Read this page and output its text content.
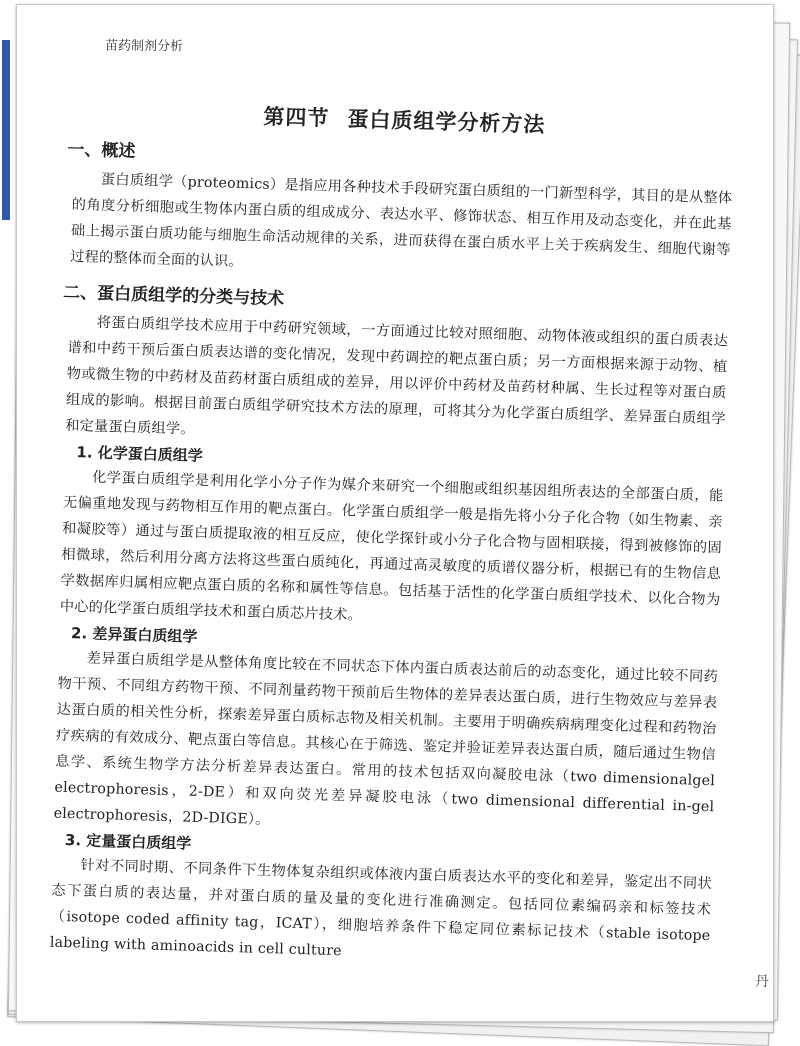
苗药制剂分析
第四节 蛋白质组学分析方法
一、概述

蛋白质组学（proteomics）是指应用各种技术手段研究蛋白质组的一门新型科学，其目的是从整体的角度分析细胞或生物体内蛋白质的组成成分、表达水平、修饰状态、相互作用及动态变化，并在此基础上揭示蛋白质功能与细胞生命活动规律的关系，进而获得在蛋白质水平上关于疾病发生、细胞代谢等过程的整体而全面的认识。

二、蛋白质组学的分类与技术

将蛋白质组学技术应用于中药研究领域，一方面通过比较对照细胞、动物体液或组织的蛋白质表达谱和中药干预后蛋白质表达谱的变化情况，发现中药调控的靶点蛋白质；另一方面根据来源于动物、植物或微生物的中药材及苗药材蛋白质组成的差异，用以评价中药材及苗药材种属、生长过程等对蛋白质组成的影响。根据目前蛋白质组学研究技术方法的原理，可将其分为化学蛋白质组学、差异蛋白质组学和定量蛋白质组学。

1. 化学蛋白质组学

化学蛋白质组学是利用化学小分子作为媒介来研究一个细胞或组织基因组所表达的全部蛋白质，能无偏重地发现与药物相互作用的靶点蛋白。化学蛋白质组学一般是指先将小分子化合物（如生物素、亲和凝胶等）通过与蛋白质提取液的相互反应，使化学探针或小分子化合物与固相联接，得到被修饰的固相微球，然后利用分离方法将这些蛋白质纯化，再通过高灵敏度的质谱仪器分析，根据已有的生物信息学数据库归属相应靶点蛋白质的名称和属性等信息。包括基于活性的化学蛋白质组学技术、以化合物为中心的化学蛋白质组学技术和蛋白质芯片技术。

2. 差异蛋白质组学

差异蛋白质组学是从整体角度比较在不同状态下体内蛋白质表达前后的动态变化，通过比较不同药物干预、不同组方药物干预、不同剂量药物干预前后生物体的差异表达蛋白质，进行生物效应与差异表达蛋白质的相关性分析，探索差异蛋白质标志物及相关机制。主要用于明确疾病病理变化过程和药物治疗疾病的有效成分、靶点蛋白等信息。其核心在于筛选、鉴定并验证差异表达蛋白质，随后通过生物信息学、系统生物学方法分析差异表达蛋白。常用的技术包括双向凝胶电泳（two dimensionalgel electrophoresis，2-DE）和双向荧光差异凝胶电泳（two dimensional differential in-gel electrophoresis，2D-DIGE）。

3. 定量蛋白质组学

针对不同时期、不同条件下生物体复杂组织或体液内蛋白质表达水平的变化和差异，鉴定出不同状态下蛋白质的表达量，并对蛋白质的量及量的变化进行准确测定。包括同位素编码亲和标签技术（isotope coded affinity tag，ICAT），细胞培养条件下稳定同位素标记技术（stable isotope labeling with aminoacids in cell culture

丹
